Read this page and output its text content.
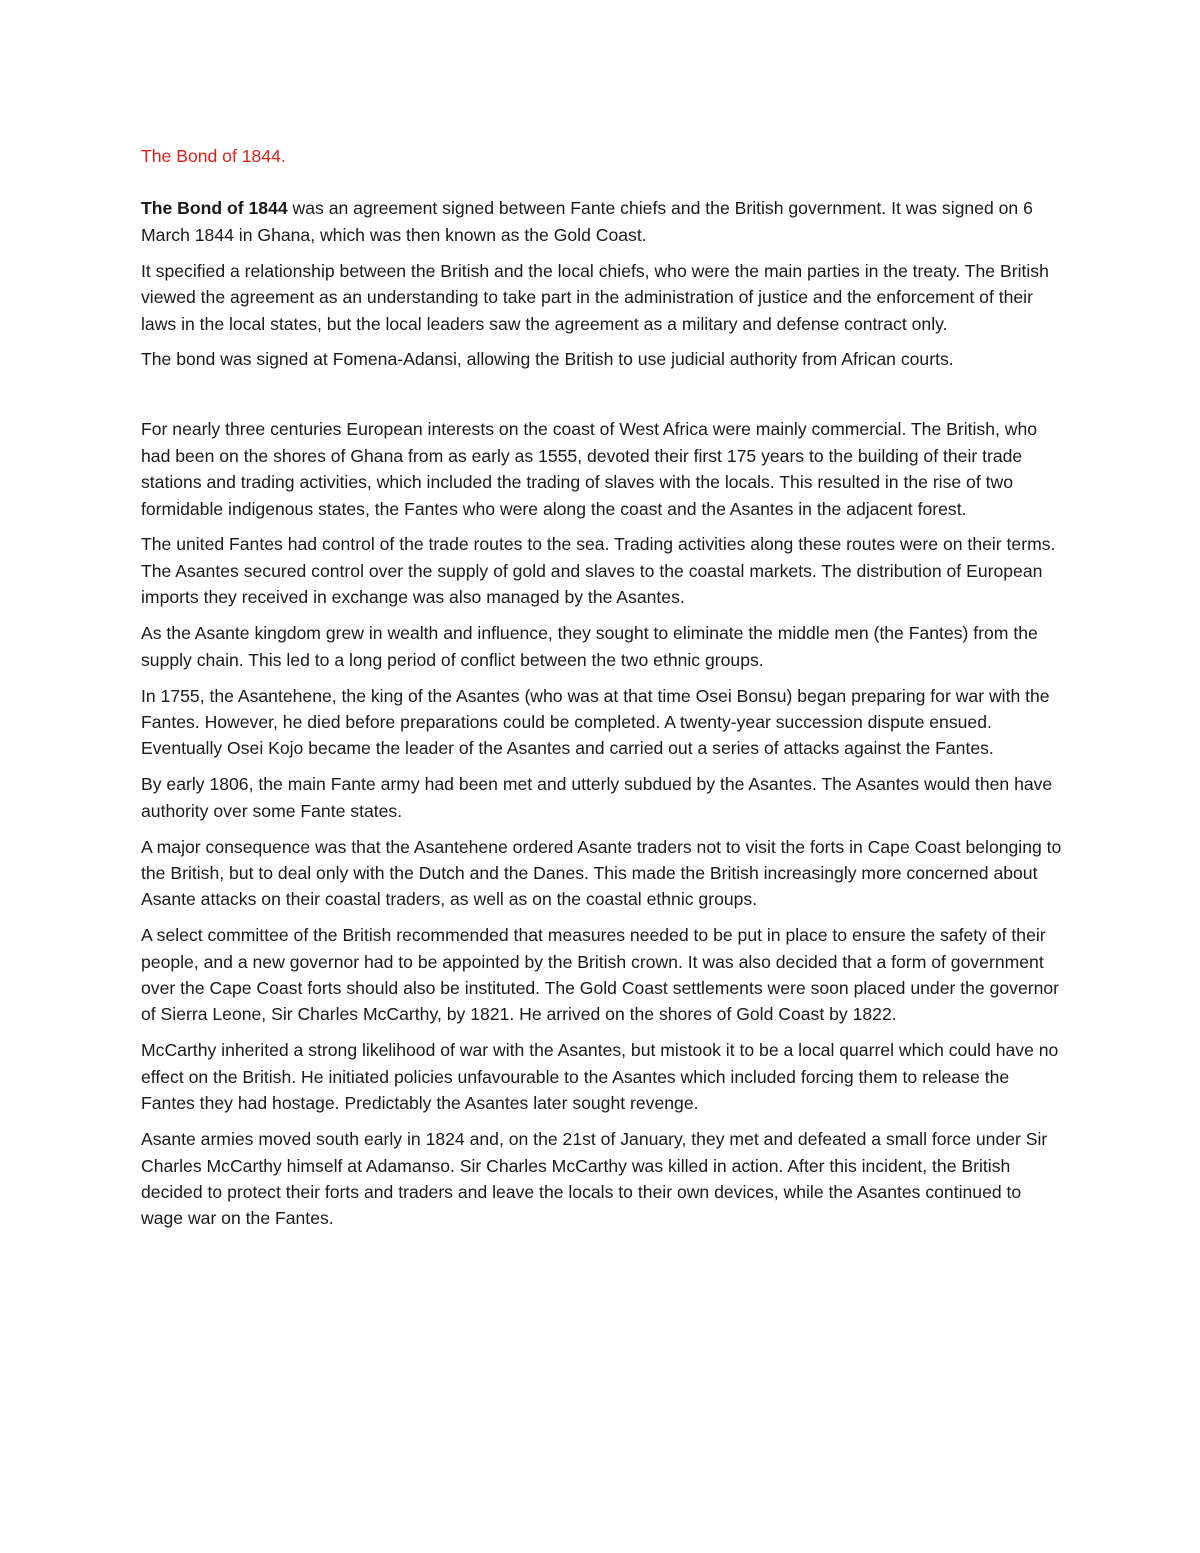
The Bond of 1844.

The Bond of 1844 was an agreement signed between Fante chiefs and the British government. It was signed on 6 March 1844 in Ghana, which was then known as the Gold Coast.

It specified a relationship between the British and the local chiefs, who were the main parties in the treaty. The British viewed the agreement as an understanding to take part in the administration of justice and the enforcement of their laws in the local states, but the local leaders saw the agreement as a military and defense contract only.

The bond was signed at Fomena-Adansi, allowing the British to use judicial authority from African courts.

For nearly three centuries European interests on the coast of West Africa were mainly commercial. The British, who had been on the shores of Ghana from as early as 1555, devoted their first 175 years to the building of their trade stations and trading activities, which included the trading of slaves with the locals. This resulted in the rise of two formidable indigenous states, the Fantes who were along the coast and the Asantes in the adjacent forest.

The united Fantes had control of the trade routes to the sea. Trading activities along these routes were on their terms. The Asantes secured control over the supply of gold and slaves to the coastal markets. The distribution of European imports they received in exchange was also managed by the Asantes.

As the Asante kingdom grew in wealth and influence, they sought to eliminate the middle men (the Fantes) from the supply chain. This led to a long period of conflict between the two ethnic groups.

In 1755, the Asantehene, the king of the Asantes (who was at that time Osei Bonsu) began preparing for war with the Fantes. However, he died before preparations could be completed. A twenty-year succession dispute ensued. Eventually Osei Kojo became the leader of the Asantes and carried out a series of attacks against the Fantes.

By early 1806, the main Fante army had been met and utterly subdued by the Asantes. The Asantes would then have authority over some Fante states.

A major consequence was that the Asantehene ordered Asante traders not to visit the forts in Cape Coast belonging to the British, but to deal only with the Dutch and the Danes. This made the British increasingly more concerned about Asante attacks on their coastal traders, as well as on the coastal ethnic groups.

A select committee of the British recommended that measures needed to be put in place to ensure the safety of their people, and a new governor had to be appointed by the British crown. It was also decided that a form of government over the Cape Coast forts should also be instituted. The Gold Coast settlements were soon placed under the governor of Sierra Leone, Sir Charles McCarthy, by 1821. He arrived on the shores of Gold Coast by 1822.

McCarthy inherited a strong likelihood of war with the Asantes, but mistook it to be a local quarrel which could have no effect on the British. He initiated policies unfavourable to the Asantes which included forcing them to release the Fantes they had hostage. Predictably the Asantes later sought revenge.

Asante armies moved south early in 1824 and, on the 21st of January, they met and defeated a small force under Sir Charles McCarthy himself at Adamanso. Sir Charles McCarthy was killed in action. After this incident, the British decided to protect their forts and traders and leave the locals to their own devices, while the Asantes continued to wage war on the Fantes.
